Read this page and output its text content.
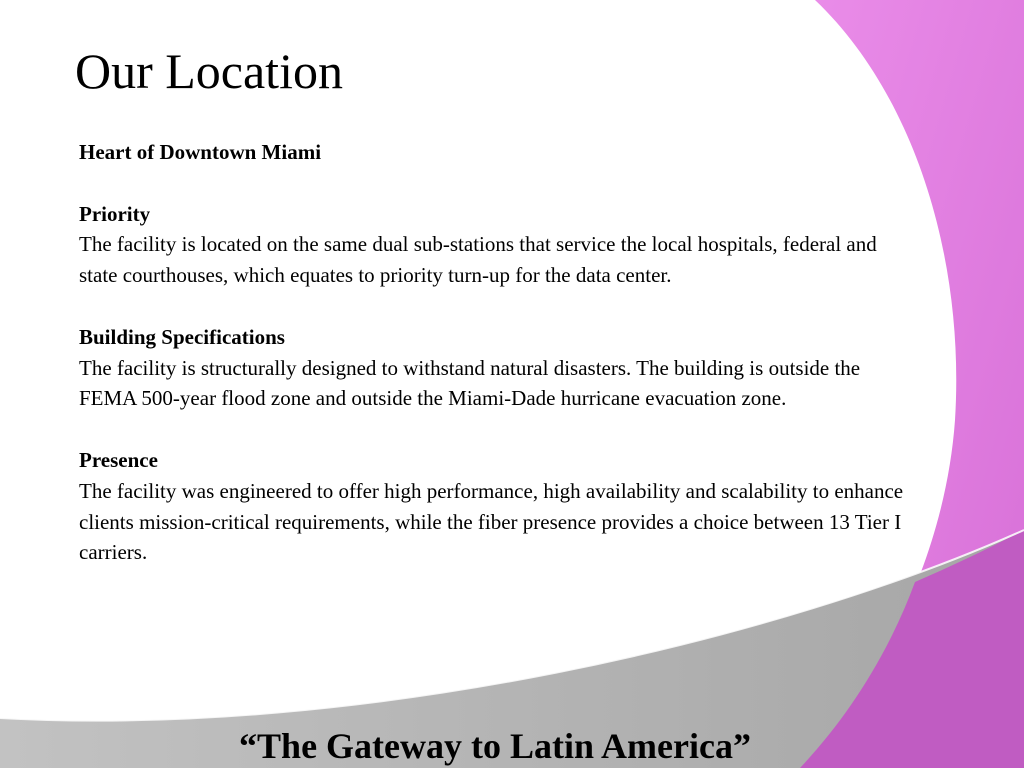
Our Location

Heart of Downtown Miami

Priority

The facility is located on the same dual sub-stations that service the local hospitals, federal and state courthouses, which equates to priority turn-up for the data center.

Building Specifications

The facility is structurally designed to withstand natural disasters. The building is outside the FEMA 500-year flood zone and outside the Miami-Dade hurricane evacuation zone.

Presence

The facility was engineered to offer high performance, high availability and scalability to enhance clients mission-critical requirements, while the fiber presence provides a choice between 13 Tier I carriers.

“The Gateway to Latin America”
